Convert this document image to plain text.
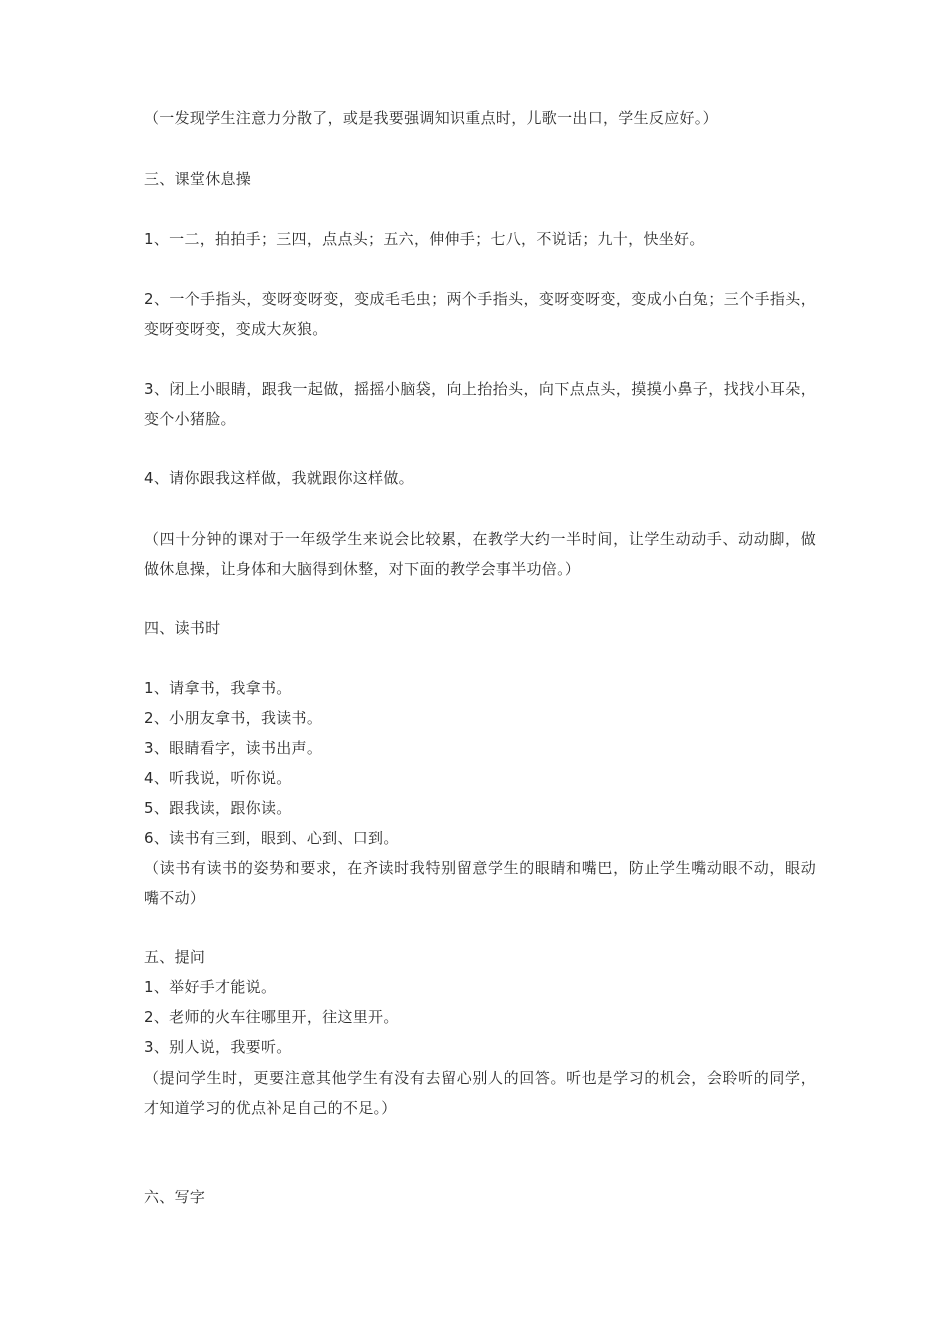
（一发现学生注意力分散了，或是我要强调知识重点时，儿歌一出口，学生反应好。）
三、课堂休息操
1、一二，拍拍手；三四，点点头；五六，伸伸手；七八，不说话；九十，快坐好。
2、一个手指头，变呀变呀变，变成毛毛虫；两个手指头，变呀变呀变，变成小白兔；三个手指头，变呀变呀变，变成大灰狼。
3、闭上小眼睛，跟我一起做，摇摇小脑袋，向上抬抬头，向下点点头，摸摸小鼻子，找找小耳朵，变个小猪脸。
4、请你跟我这样做，我就跟你这样做。
（四十分钟的课对于一年级学生来说会比较累，在教学大约一半时间，让学生动动手、动动脚，做做休息操，让身体和大脑得到休整，对下面的教学会事半功倍。）
四、读书时
1、请拿书，我拿书。
2、小朋友拿书，我读书。
3、眼睛看字，读书出声。
4、听我说，听你说。
5、跟我读，跟你读。
6、读书有三到，眼到、心到、口到。
（读书有读书的姿势和要求，在齐读时我特别留意学生的眼睛和嘴巴，防止学生嘴动眼不动，眼动嘴不动）
五、提问
1、举好手才能说。
2、老师的火车往哪里开，往这里开。
3、别人说，我要听。
（提问学生时，更要注意其他学生有没有去留心别人的回答。听也是学习的机会，会聆听的同学，才知道学习的优点补足自己的不足。）
六、写字
